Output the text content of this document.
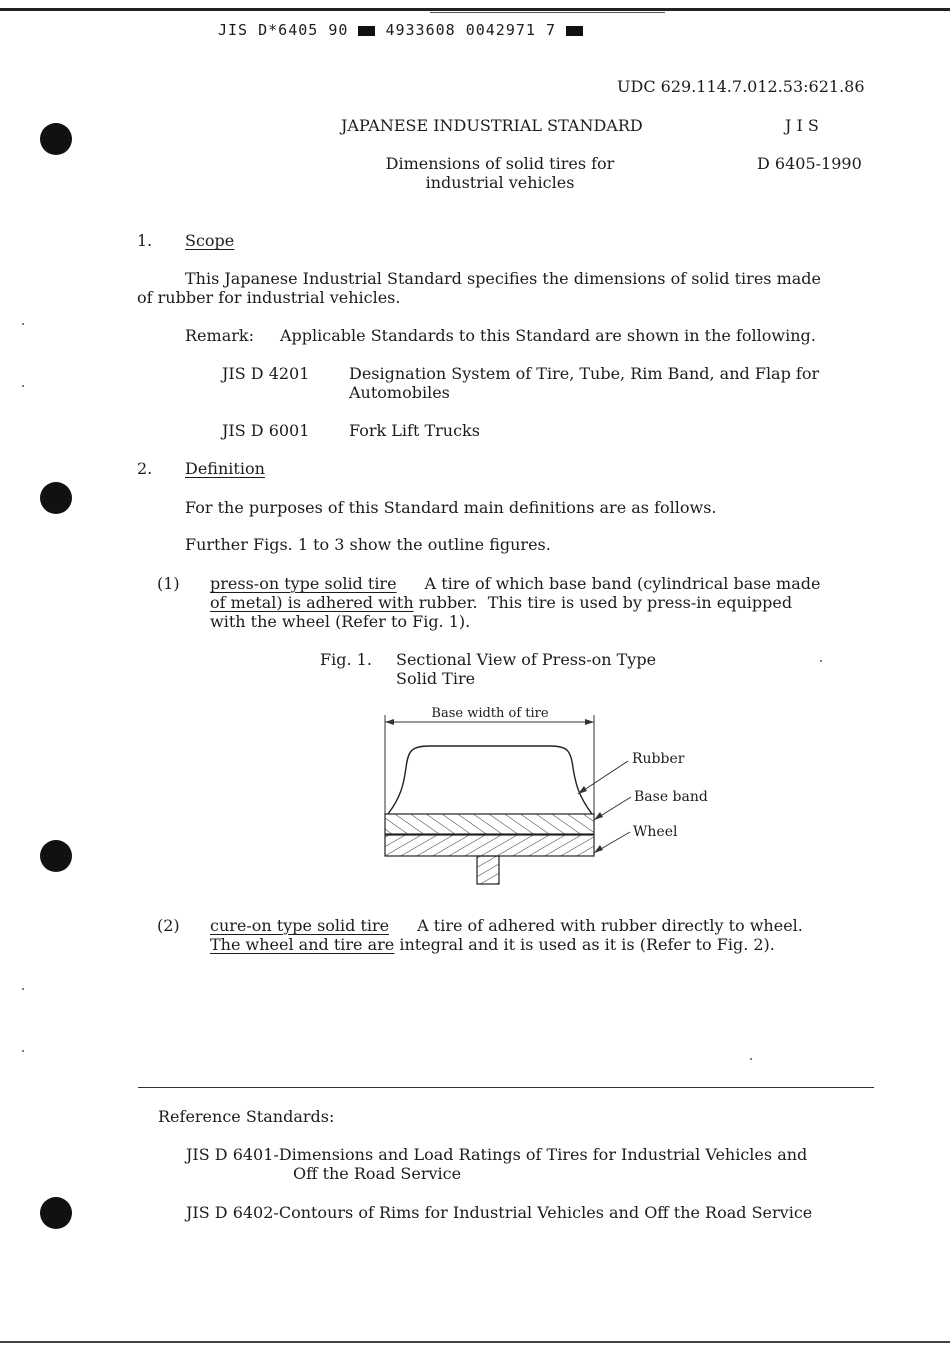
JIS D*6405 90 4933608 0042971 7
UDC 629.114.7.012.53:621.86
JAPANESE INDUSTRIAL STANDARD	J I S
Dimensions of solid tires for
industrial vehicles
D 6405-1990
1. Scope
This Japanese Industrial Standard specifies the dimensions of solid tires made
of rubber for industrial vehicles.
Remark: Applicable Standards to this Standard are shown in the following.
JIS D 4201 Designation System of Tire, Tube, Rim Band, and Flap for
Automobiles
JIS D 6001 Fork Lift Trucks
2. Definition
For the purposes of this Standard main definitions are as follows.
Further Figs. 1 to 3 show the outline figures.
(1) press-on type solid tire A tire of which base band (cylindrical base made
of metal) is adhered with rubber.  This tire is used by press-in equipped
with the wheel (Refer to Fig. 1).
Fig. 1. Sectional View of Press-on Type
Solid Tire
Base width of tire
Rubber
Base band
Wheel
(2) cure-on type solid tire A tire of adhered with rubber directly to wheel.
The wheel and tire are integral and it is used as it is (Refer to Fig. 2).
Reference Standards:
JIS D 6401-Dimensions and Load Ratings of Tires for Industrial Vehicles and
Off the Road Service
JIS D 6402-Contours of Rims for Industrial Vehicles and Off the Road Service
